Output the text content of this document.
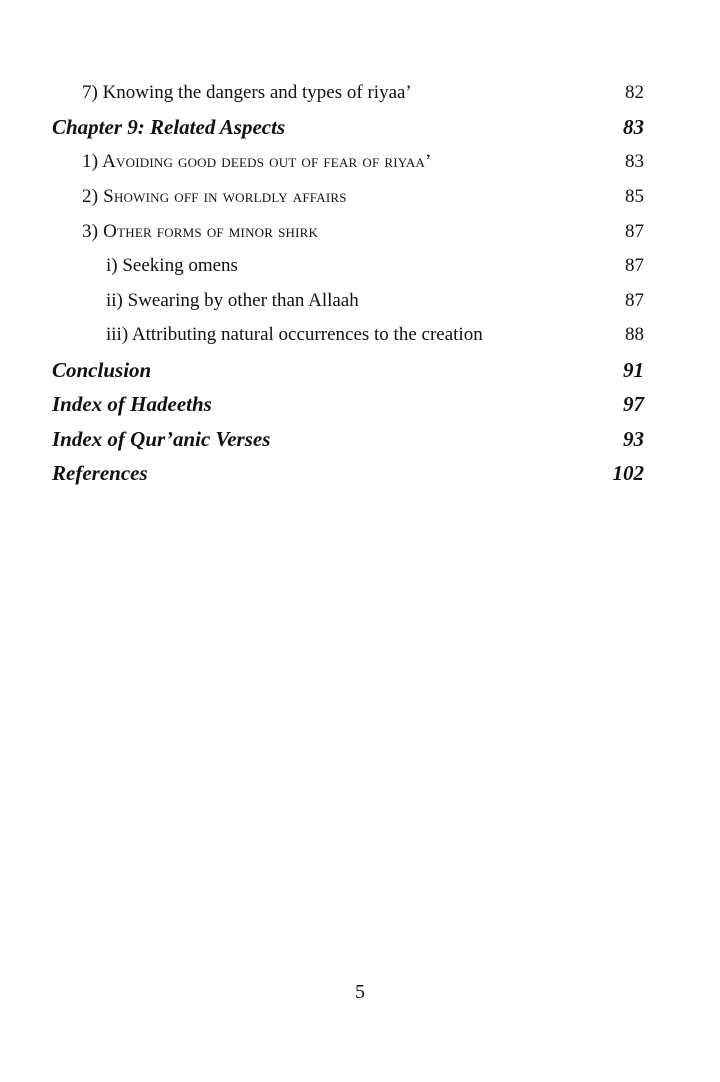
7) Knowing the dangers and types of riyaa’	82
Chapter 9: Related Aspects	83
1) Avoiding good deeds out of fear of riyaa’	83
2) Showing off in worldly affairs	85
3) Other forms of minor shirk	87
i) Seeking omens	87
ii) Swearing by other than Allaah	87
iii) Attributing natural occurrences to the creation	88
Conclusion	91
Index of Hadeeths	97
Index of Qur’anic Verses	93
References	102
5
